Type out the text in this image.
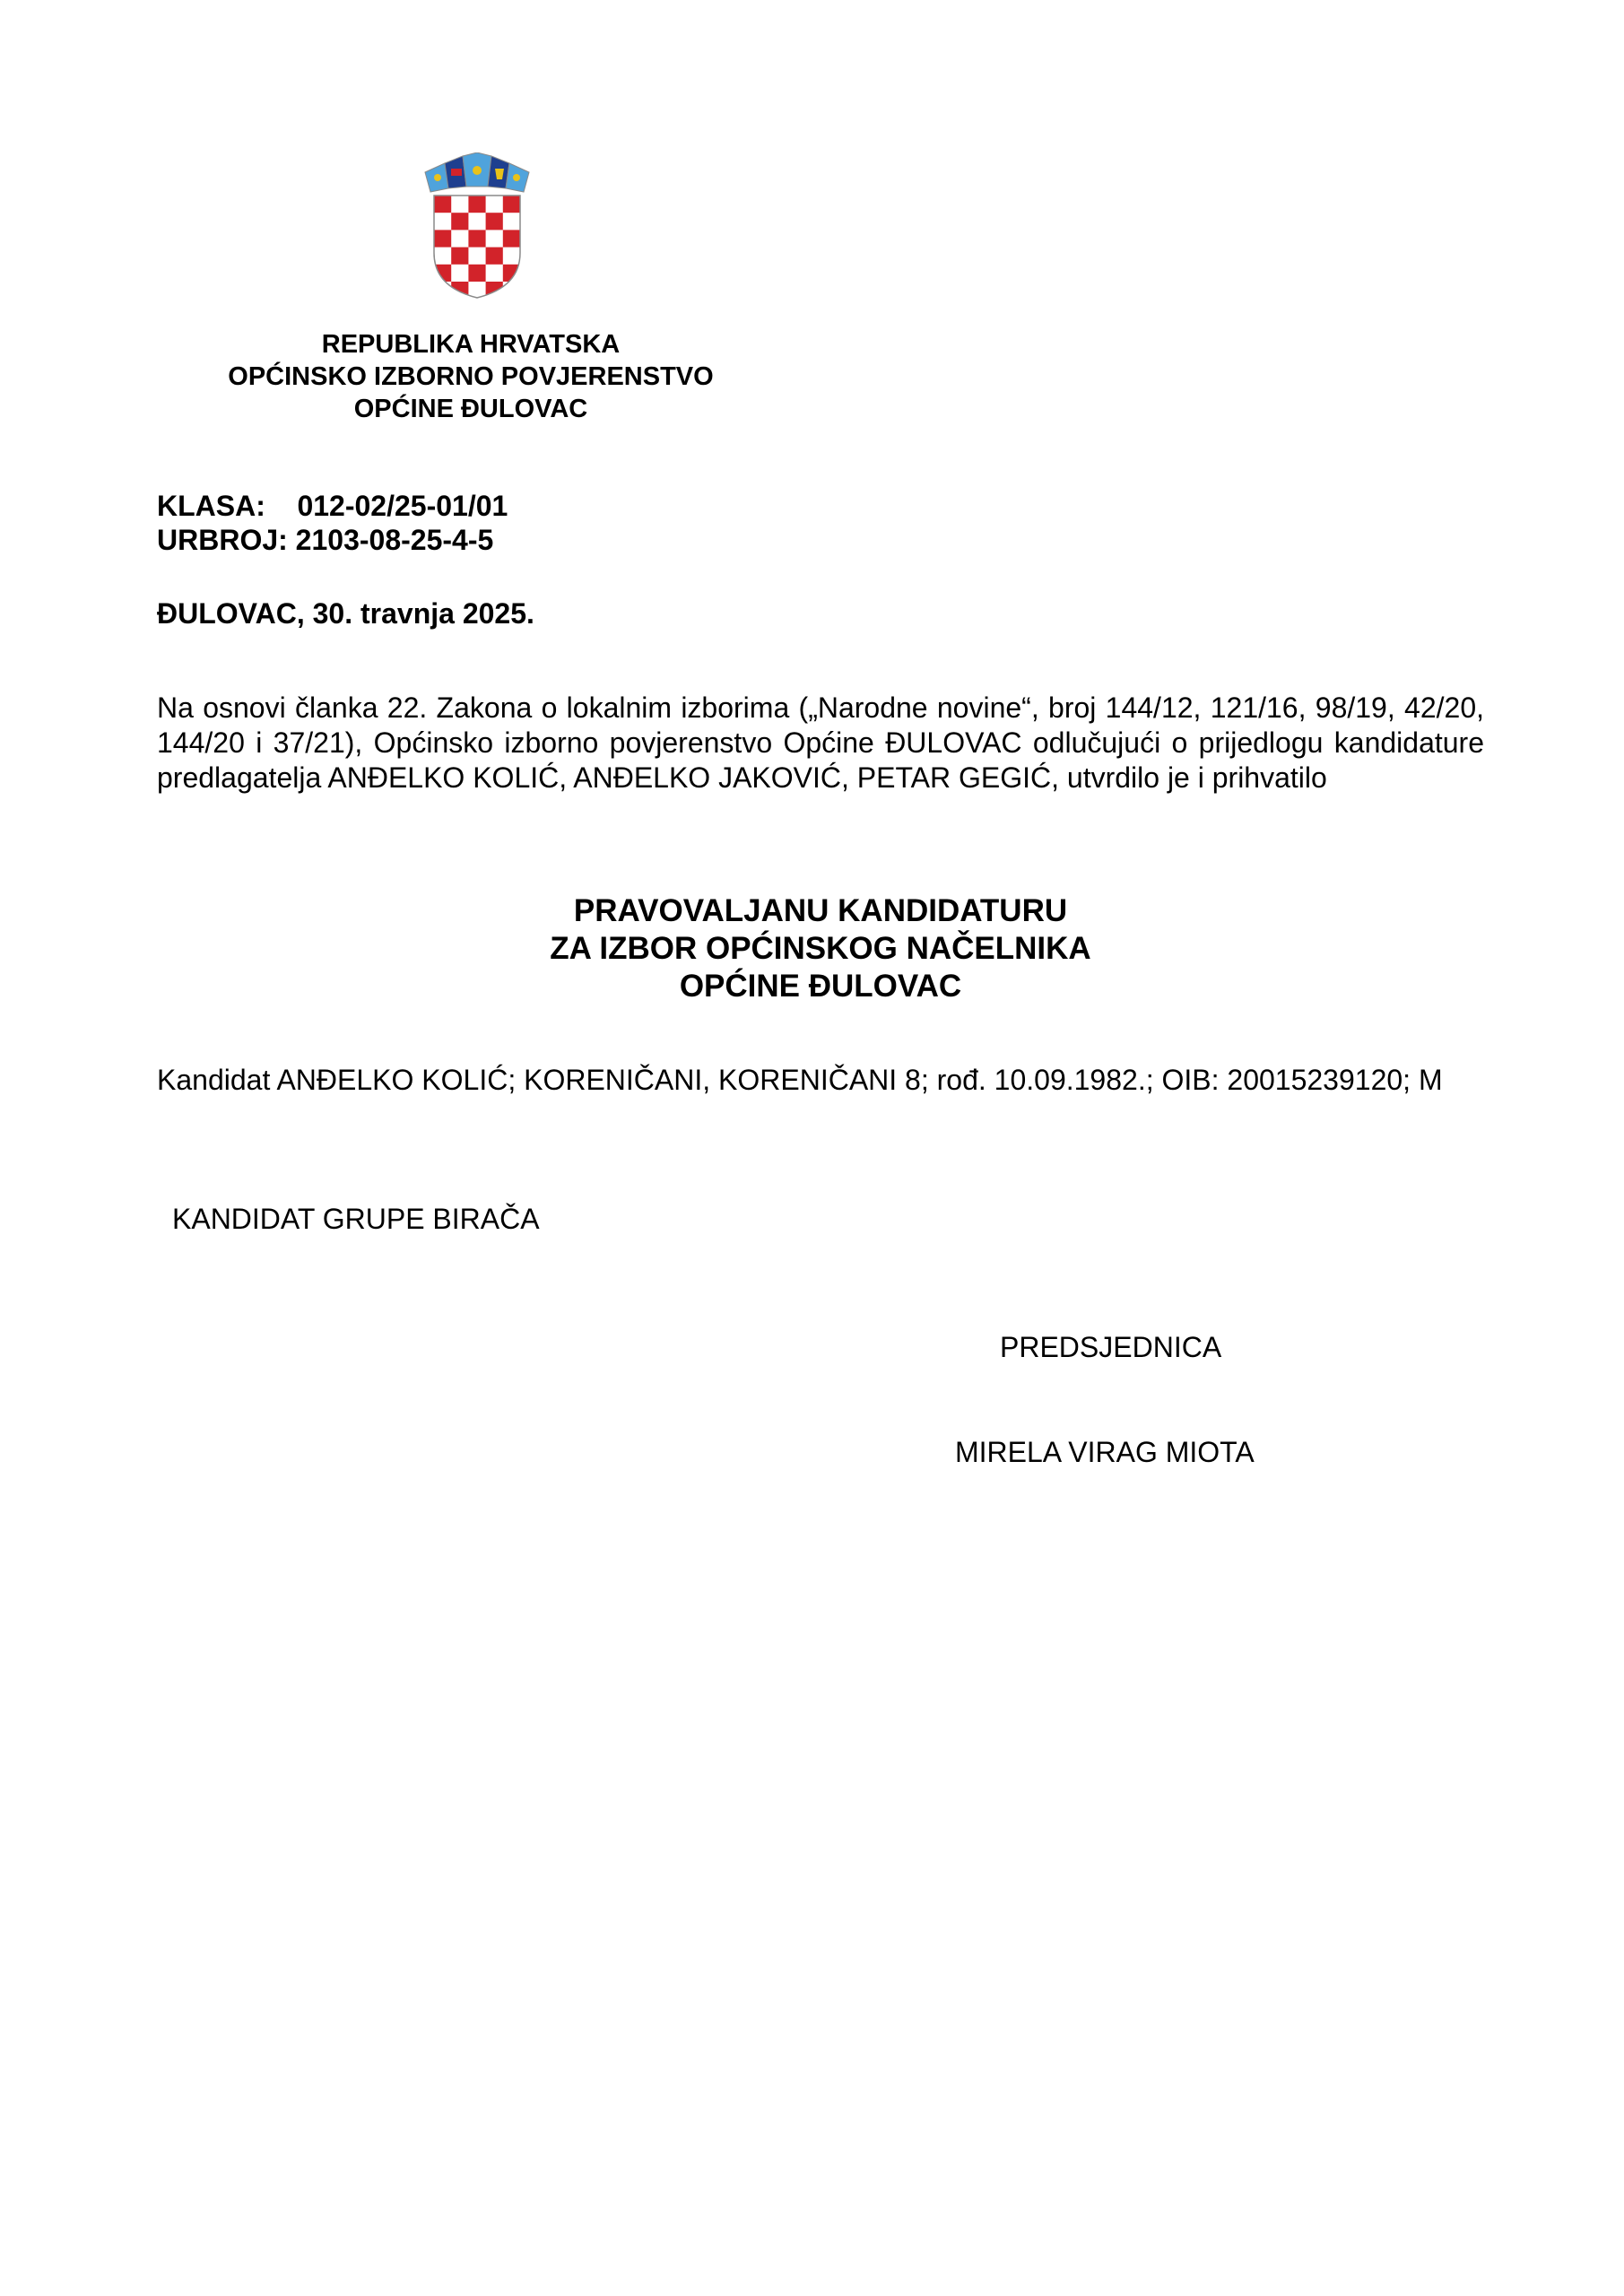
REPUBLIKA HRVATSKA
OPĆINSKO IZBORNO POVJERENSTVO
OPĆINE ĐULOVAC
KLASA:    012-02/25-01/01
URBROJ: 2103-08-25-4-5
ĐULOVAC, 30. travnja 2025.
Na osnovi članka 22. Zakona o lokalnim izborima („Narodne novine“, broj 144/12, 121/16, 98/19, 42/20, 144/20 i 37/21), Općinsko izborno povjerenstvo Općine ĐULOVAC odlučujući o prijedlogu kandidature predlagatelja ANĐELKO KOLIĆ, ANĐELKO JAKOVIĆ, PETAR GEGIĆ, utvrdilo je i prihvatilo
PRAVOVALJANU KANDIDATURU
ZA IZBOR OPĆINSKOG NAČELNIKA
OPĆINE ĐULOVAC
Kandidat ANĐELKO KOLIĆ; KORENIČANI, KORENIČANI 8; rođ. 10.09.1982.; OIB: 20015239120; M
KANDIDAT GRUPE BIRAČA
PREDSJEDNICA
MIRELA VIRAG MIOTA
